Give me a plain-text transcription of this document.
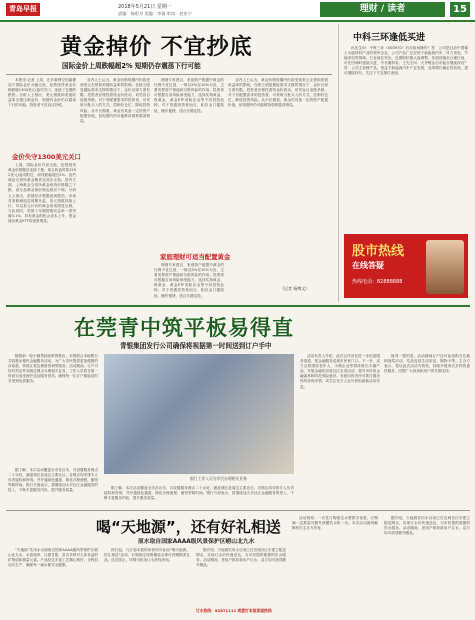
青岛早报	2018年5月21日 星期一
责编：杨彩舟 美编：李倩 审读：赵宏宁	理财 / 读者	15
黄金掉价 不宜抄底
国际金价上周跌幅超2% 短期仍存震荡下行可能

本报讯 记者 上周，在多重利空因素叠加下国际金价大幅走低，伦敦现货黄金价格跌破1300美元/盎司关口，延续了近期的跌势。分析人士指出，美元指数和美债收益率走强压制金价，短期内金价仍存震荡下行的可能，投资者不宜盲目抄底。

金价失守1300美元关口

上周，国际金价开局走低，伦敦现货黄金价格随后连续下挫，周五收盘时报1292美元/盎司附近，周线跌幅超过2%。纽约商品交易所黄金期货也同步走弱。国内方面，上海黄金交易所黄金现货价格随之下跌，部分品牌金饰价格也相应下调。分析人士指出，美国经济数据表现强劲，市场对美联储加息预期升温，美元指数持续上行，对以美元计价的黄金形成明显压制。与此同时，美国十年期国债收益率一度突破3.1%，持有黄金的机会成本上升，资金流出黄金ETF的迹象明显。

业内人士认为，黄金价格短期内仍将受到美元走势和美债收益率的影响，在缺乏明显避险需求支撑的情况下，金价反弹力度有限。投资者应理性看待金价波动，切勿盲目追涨杀跌。对于有配置需求的投资者，可采取分批买入的方式，控制好仓位，降低投资风险。从中长期看，黄金仍具备一定的资产配置价值，但短期内仍可能维持弱势震荡格局。

理财专家建议，家庭资产配置中黄金的比例不宜过高，一般以5%至10%为宜，主要发挥资产保值和分散风险的作用。投资者可根据自身风险承受能力，选择实物黄金、纸黄金、黄金ETF或积存金等不同投资品种。对于普通投资者而言，积存金门槛较低、操作便捷，适合长期定投。

家庭理财可适当配置黄金

理财专家建议，家庭资产配置中黄金的比例不宜过高，一般以5%至10%为宜，主要发挥资产保值和分散风险的作用。投资者可根据自身风险承受能力，选择实物黄金、纸黄金、黄金ETF或积存金等不同投资品种。对于普通投资者而言，积存金门槛较低、操作便捷，适合长期定投。

业内人士认为，黄金价格短期内仍将受到美元走势和美债收益率的影响，在缺乏明显避险需求支撑的情况下，金价反弹力度有限。投资者应理性看待金价波动，切勿盲目追涨杀跌。对于有配置需求的投资者，可采取分批买入的方式，控制好仓位，降低投资风险。从中长期看，黄金仍具备一定的资产配置价值，但短期内仍可能维持弱势震荡格局。

（记者 杨博文）
中科三环逢低买进

孙先生问：中科三环（000970）后市如何操作？答：公司是目前中国稀土永磁材料产业的领军企业，公司产品广泛应用于新能源汽车、风力发电、节能家电等领域，行业地位突出。近期股价随大盘调整，估值回落至合理区间，可在回调时逢低买进，中长期持有。王先生问：天齐锂业后市能否继续持有？答：公司主营锂产品，受益于新能源汽车产业发展，业绩增长确定性较高，建议继续持有，关注下方支撑位表现。

股市热线
在线答疑
热线电话：82888888
在莞青中筑平板易得直
青银集团发行公司确保将视据第一时间送到订户手中

随着新一轮小额贷款政策的推出，本报联合本地银行共同推出便民金融服务活动，为广大市民提供更加便捷的存取款、转账汇款及理财咨询等服务。活动期间，订户可持有效证件到指定网点办理相关业务，工作人员将在第一时间完成受理并送达服务回执，确保每一位订户都能及时享受到优质服务。

银行工作人员为市民办理相关业务

据了解，本次活动覆盖全市各区市，共设置服务网点二十余处，涵盖城区及周边主要社区。各网点均安排专人负责接待和咨询，并开通绿色通道，简化办理流程，缩短等候时间。银行方面表示，将继续加大对社区金融服务的投入，不断丰富服务内容，提升服务质量。

活动负责人介绍，此次合作旨在进一步拓宽服务渠道，把金融服务送到市民家门口。下一步，双方还将围绕老年人、小微企业等群体推出专属产品，开展金融知识进社区宣讲活动，提升市民的金融素养和防范风险意识。有意向的市民可拨打服务热线咨询详情，或关注官方公众号获取最新活动信息。

值得一提的是，活动期间订户还可参加积分兑换和抽奖活动，奖品包括生活用品、购物卡等。主办方表示，将以此次活动为契机，持续开展形式多样的惠民服务，回馈广大读者和用户的长期支持。

据了解，本次活动覆盖全市各区市，共设置服务网点二十余处，涵盖城区及周边主要社区。各网点均安排专人负责接待和咨询，并开通绿色通道，简化办理流程，缩短等候时间。银行方面表示，将继续加大对社区金融服务的投入，不断丰富服务内容，提升服务质量。

喝“天地源”，还有好礼相送
原水取自国家AAAA级风景保护区崂山北九水

“天地源”饮用水水源取自国家AAAA级风景保护区崂山北九水，水质纯净，口感甘甜，富含多种对人体有益的矿物质和微量元素。产品经过多道工艺精心制作，全程封闭式生产，确保每一滴水都安全健康。

即日起，凡订阅本报的读者均可参加“喝天地源，好礼相送”活动，订购指定规格桶装水即可获赠精美礼品，送完即止。详情可致电订水热线咨询。

据介绍，天地源饮用水目前已在岛城各区市建立配送网点，实现订水后快速送达，为市民提供便捷的饮水服务。活动期间，老用户推荐新用户订水，双方均可获得额外赠品。

订水热线：82871111 或拨打本报客服热线

活动规则：一次性订购指定水票即享优惠；订购满一定数量可额外获赠饮水机一台。本次活动最终解释权归主办方所有。

据介绍，天地源饮用水目前已在岛城各区市建立配送网点，实现订水后快速送达，为市民提供便捷的饮水服务。活动期间，老用户推荐新用户订水，双方均可获得额外赠品。
